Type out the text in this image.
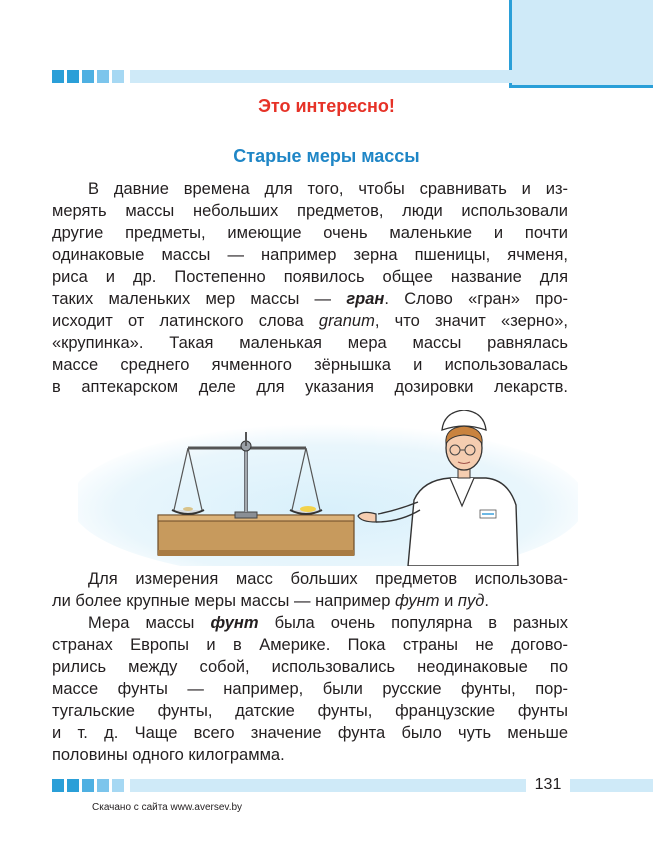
Это интересно!
Старые меры массы

В давние времена для того, чтобы сравнивать и из-
мерять массы небольших предметов, люди использовали
другие предметы, имеющие очень маленькие и почти
одинаковые массы — например зерна пшеницы, ячменя,
риса и др. Постепенно появилось общее название для
таких маленьких мер массы — гран. Слово «гран» про-
исходит от латинского слова granum, что значит «зерно»,
«крупинка». Такая маленькая мера массы равнялась
массе среднего ячменного зёрнышка и использовалась
в аптекарском деле для указания дозировки лекарств.

Для измерения масс больших предметов использова-
ли более крупные меры массы — например фунт и пуд.

Мера массы фунт была очень популярна в разных
странах Европы и в Америке. Пока страны не догово-
рились между собой, использовались неодинаковые по
массе фунты — например, были русские фунты, пор-
тугальские фунты, датские фунты, французские фунты
и т. д. Чаще всего значение фунта было чуть меньше
половины одного килограмма.

131
Скачано с сайта www.aversev.by
